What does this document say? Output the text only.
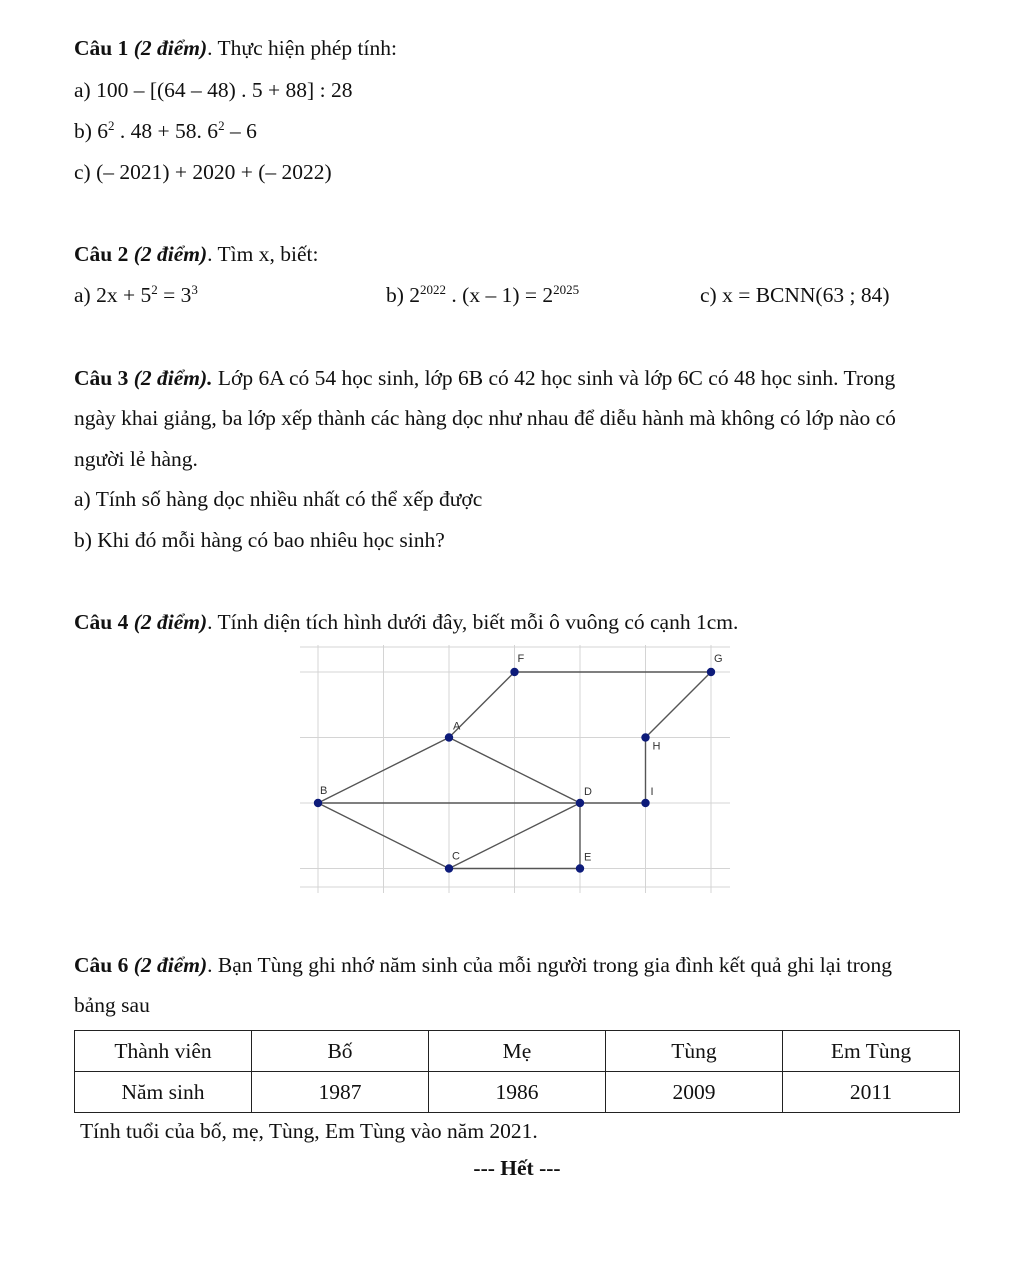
Câu 1 (2 điểm). Thực hiện phép tính:
a) 100 – [(64 – 48) . 5 + 88] : 28
b) $6^2$ . 48 + 58. $6^2 - 6$
c) (– 2021) + 2020 + (– 2022)
Câu 2 (2 điểm). Tìm x, biết:
a) $2x + 5^2 = 3^3$	b) $2^{2022}$ . $(x - 1) = 2^{2025}$	c) x = BCNN(63 ; 84)
Câu 3 (2 điểm). Lớp 6A có 54 học sinh, lớp 6B có 42 học sinh và lớp 6C có 48 học sinh. Trong
ngày khai giảng, ba lớp xếp thành các hàng dọc như nhau để diễu hành mà không có lớp nào có
người lẻ hàng.
a) Tính số hàng dọc nhiều nhất có thể xếp được
b) Khi đó mỗi hàng có bao nhiêu học sinh?
Câu 4 (2 điểm). Tính diện tích hình dưới đây, biết mỗi ô vuông có cạnh 1cm.
F	G
A
H
B	D	I
C	E
Câu 6 (2 điểm). Bạn Tùng ghi nhớ năm sinh của mỗi người trong gia đình kết quả ghi lại trong
bảng sau
Thành viên	Bố	Mẹ	Tùng	Em Tùng
Năm sinh	1987	1986	2009	2011
Tính tuổi của bố, mẹ, Tùng, Em Tùng vào năm 2021.
--- Hết ---
